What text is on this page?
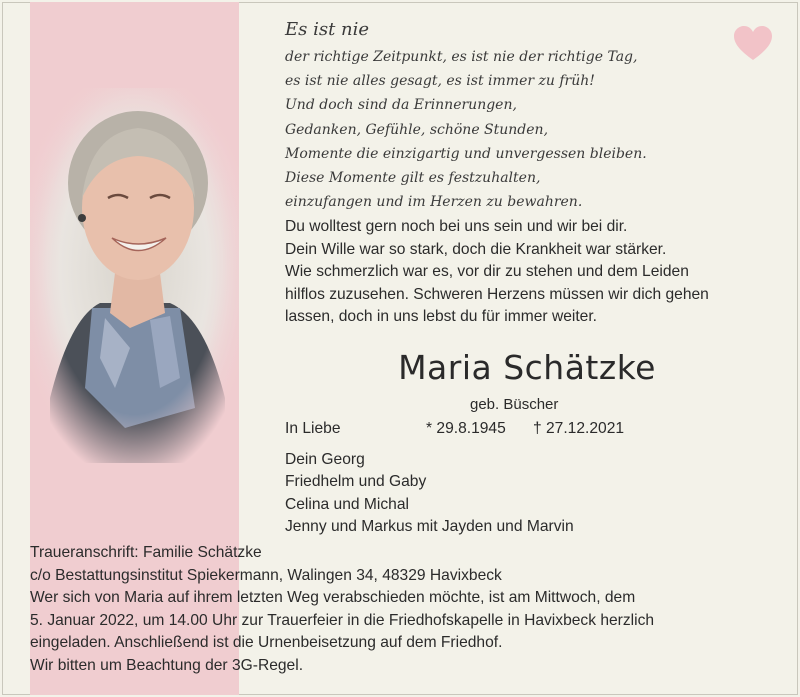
Es ist nie
der richtige Zeitpunkt, es ist nie der richtige Tag,
es ist nie alles gesagt, es ist immer zu früh!
Und doch sind da Erinnerungen,
Gedanken, Gefühle, schöne Stunden,
Momente die einzigartig und unvergessen bleiben.
Diese Momente gilt es festzuhalten,
einzufangen und im Herzen zu bewahren.
Du wolltest gern noch bei uns sein und wir bei dir.
Dein Wille war so stark, doch die Krankheit war stärker.
Wie schmerzlich war es, vor dir zu stehen und dem Leiden
hilflos zuzusehen. Schweren Herzens müssen wir dich gehen
lassen, doch in uns lebst du für immer weiter.
Maria Schätzke
geb. Büscher
In Liebe	* 29.8.1945 † 27.12.2021
Dein Georg
Friedhelm und Gaby
Celina und Michal
Jenny und Markus mit Jayden und Marvin
Traueranschrift: Familie Schätzke
c/o Bestattungsinstitut Spiekermann, Walingen 34, 48329 Havixbeck
Wer sich von Maria auf ihrem letzten Weg verabschieden möchte, ist am Mittwoch, dem
5. Januar 2022, um 14.00 Uhr zur Trauerfeier in die Friedhofskapelle in Havixbeck herzlich
eingeladen. Anschließend ist die Urnenbeisetzung auf dem Friedhof.
Wir bitten um Beachtung der 3G-Regel.
